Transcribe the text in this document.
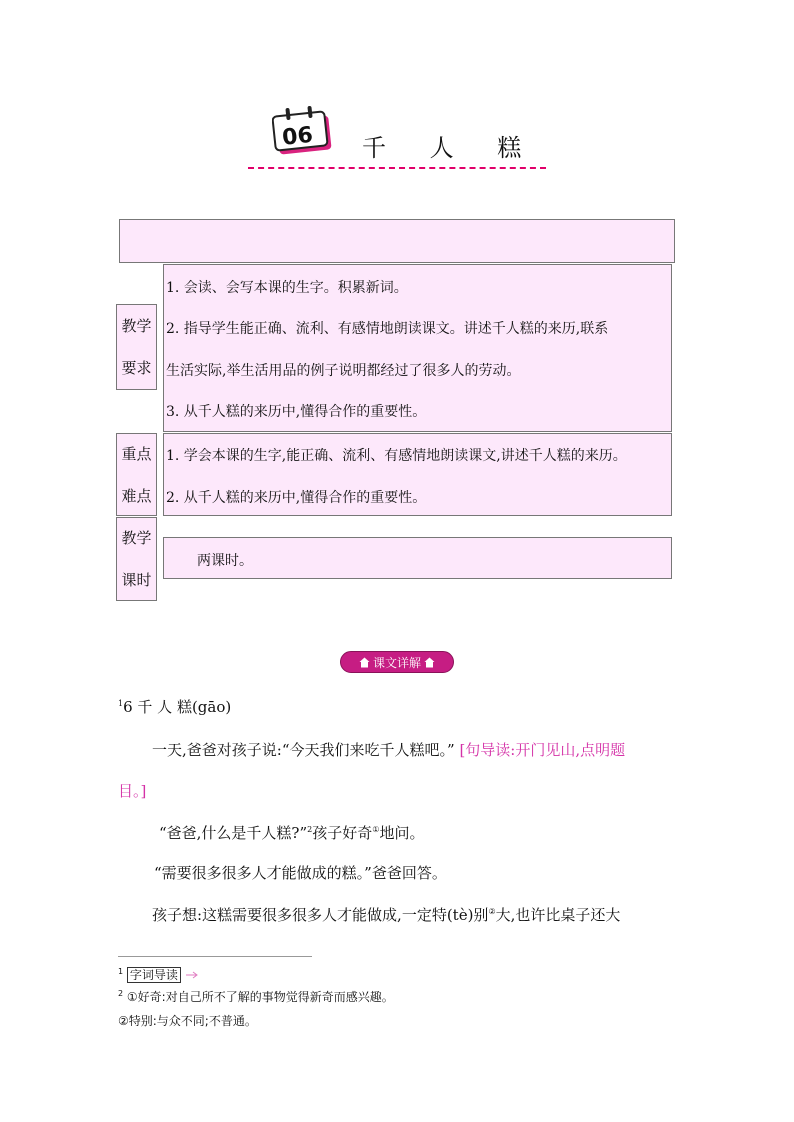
06 千 人 糕
教学
要求
1. 会读、会写本课的生字。积累新词。
2. 指导学生能正确、流利、有感情地朗读课文。讲述千人糕的来历,联系
生活实际,举生活用品的例子说明都经过了很多人的劳动。
3. 从千人糕的来历中,懂得合作的重要性。
重点
难点
1. 学会本课的生字,能正确、流利、有感情地朗读课文,讲述千人糕的来历。
2. 从千人糕的来历中,懂得合作的重要性。
教学
课时
两课时。
课文详解
$^1$6 千 人 糕(gāo)
一天,爸爸对孩子说:“今天我们来吃千人糕吧。” [句导读:开门见山,点明题
目。]
“爸爸,什么是千人糕?”$^2$孩子好奇①地问。
“需要很多很多人才能做成的糕。”爸爸回答。
孩子想:这糕需要很多很多人才能做成,一定特(tè)别②大,也许比桌子还大
$^1$ 字词导读
$^2$ ①好奇:对自己所不了解的事物觉得新奇而感兴趣。
②特别:与众不同;不普通。
